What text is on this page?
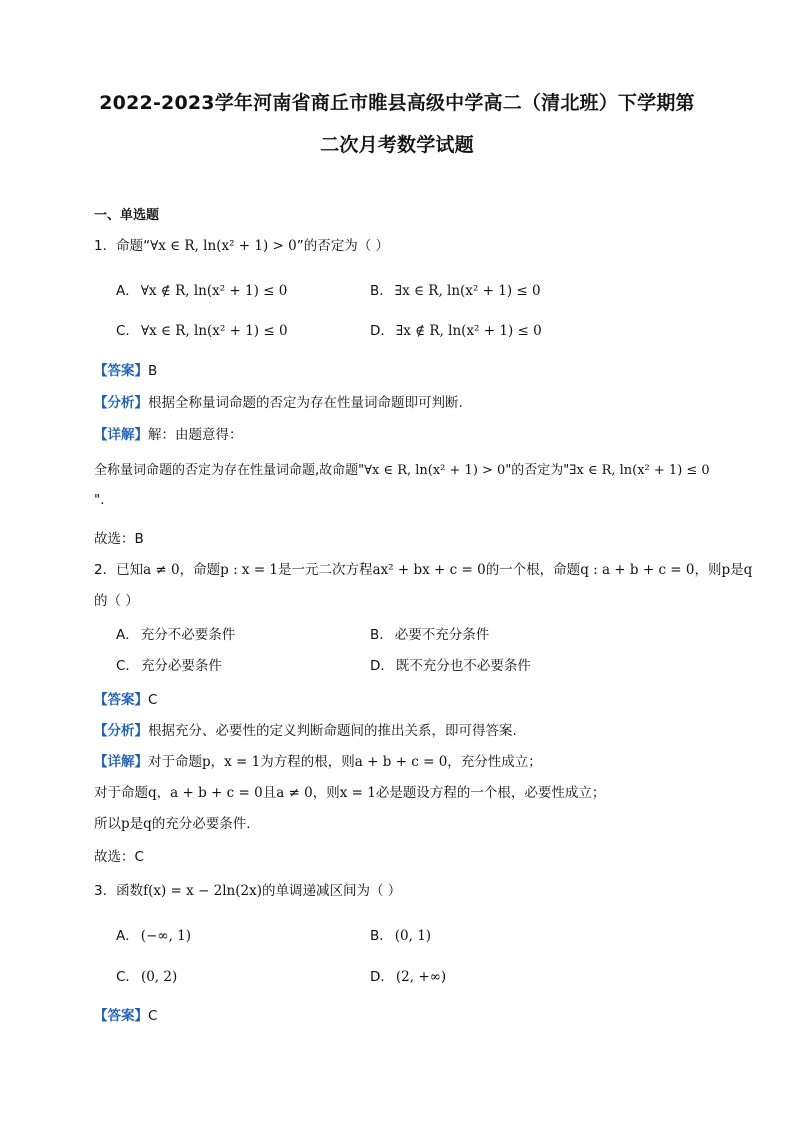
2022-2023学年河南省商丘市睢县高级中学高二（清北班）下学期第
二次月考数学试题
一、单选题
1．命题“∀x ∈ R, ln(x² + 1) > 0”的否定为（ ）
A． ∀x ∉ R, ln(x² + 1) ≤ 0	B． ∃x ∈ R, ln(x² + 1) ≤ 0
C． ∀x ∈ R, ln(x² + 1) ≤ 0	D． ∃x ∉ R, ln(x² + 1) ≤ 0
【答案】B
【分析】根据全称量词命题的否定为存在性量词命题即可判断.
【详解】解：由题意得：
全称量词命题的否定为存在性量词命题,故命题"∀x ∈ R, ln(x² + 1) > 0"的否定为"∃x ∈ R, ln(x² + 1) ≤ 0
".
故选：B
2．已知a ≠ 0，命题p : x = 1是一元二次方程ax² + bx + c = 0的一个根，命题q : a + b + c = 0，则p是q
的（ ）
A． 充分不必要条件	B． 必要不充分条件
C． 充分必要条件	D． 既不充分也不必要条件
【答案】C
【分析】根据充分、必要性的定义判断命题间的推出关系，即可得答案.
【详解】对于命题p，x = 1为方程的根，则a + b + c = 0，充分性成立；
对于命题q，a + b + c = 0且a ≠ 0，则x = 1必是题设方程的一个根，必要性成立；
所以p是q的充分必要条件.
故选：C
3．函数f(x) = x − 2ln(2x)的单调递减区间为（ ）
A． (−∞, 1)	B． (0, 1)
C． (0, 2)	D． (2, +∞)
【答案】C
